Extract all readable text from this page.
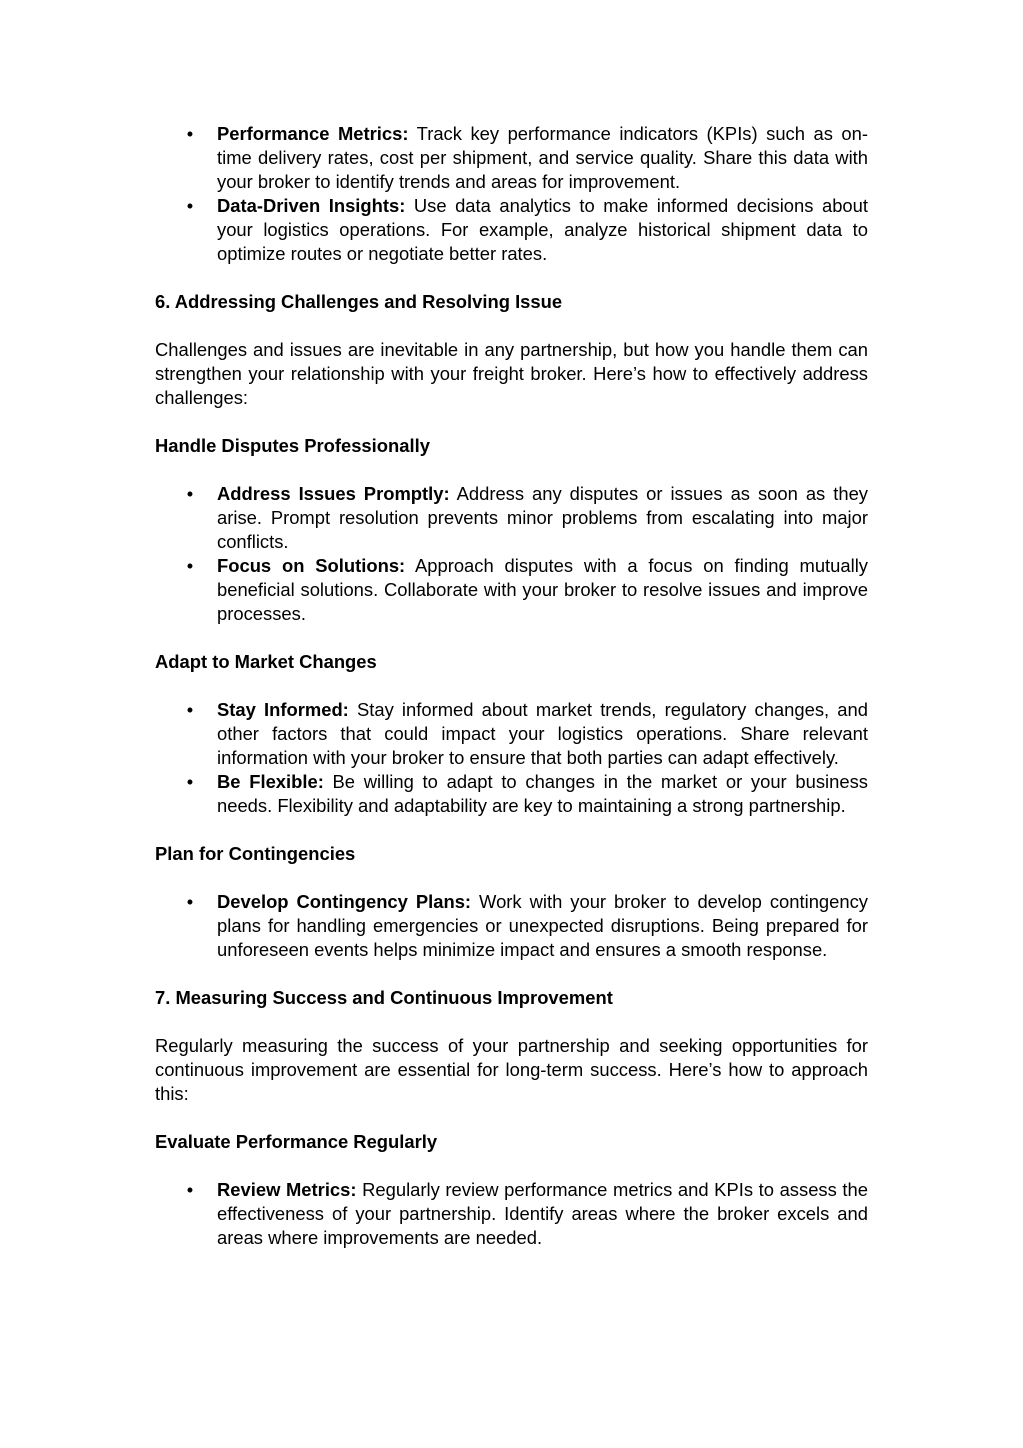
• Performance Metrics: Track key performance indicators (KPIs) such as on-time delivery rates, cost per shipment, and service quality. Share this data with your broker to identify trends and areas for improvement.
• Data-Driven Insights: Use data analytics to make informed decisions about your logistics operations. For example, analyze historical shipment data to optimize routes or negotiate better rates.

6. Addressing Challenges and Resolving Issue

Challenges and issues are inevitable in any partnership, but how you handle them can strengthen your relationship with your freight broker. Here’s how to effectively address challenges:

Handle Disputes Professionally

• Address Issues Promptly: Address any disputes or issues as soon as they arise. Prompt resolution prevents minor problems from escalating into major conflicts.
• Focus on Solutions: Approach disputes with a focus on finding mutually beneficial solutions. Collaborate with your broker to resolve issues and improve processes.

Adapt to Market Changes

• Stay Informed: Stay informed about market trends, regulatory changes, and other factors that could impact your logistics operations. Share relevant information with your broker to ensure that both parties can adapt effectively.
• Be Flexible: Be willing to adapt to changes in the market or your business needs. Flexibility and adaptability are key to maintaining a strong partnership.

Plan for Contingencies

• Develop Contingency Plans: Work with your broker to develop contingency plans for handling emergencies or unexpected disruptions. Being prepared for unforeseen events helps minimize impact and ensures a smooth response.

7. Measuring Success and Continuous Improvement

Regularly measuring the success of your partnership and seeking opportunities for continuous improvement are essential for long-term success. Here’s how to approach this:

Evaluate Performance Regularly

• Review Metrics: Regularly review performance metrics and KPIs to assess the effectiveness of your partnership. Identify areas where the broker excels and areas where improvements are needed.
